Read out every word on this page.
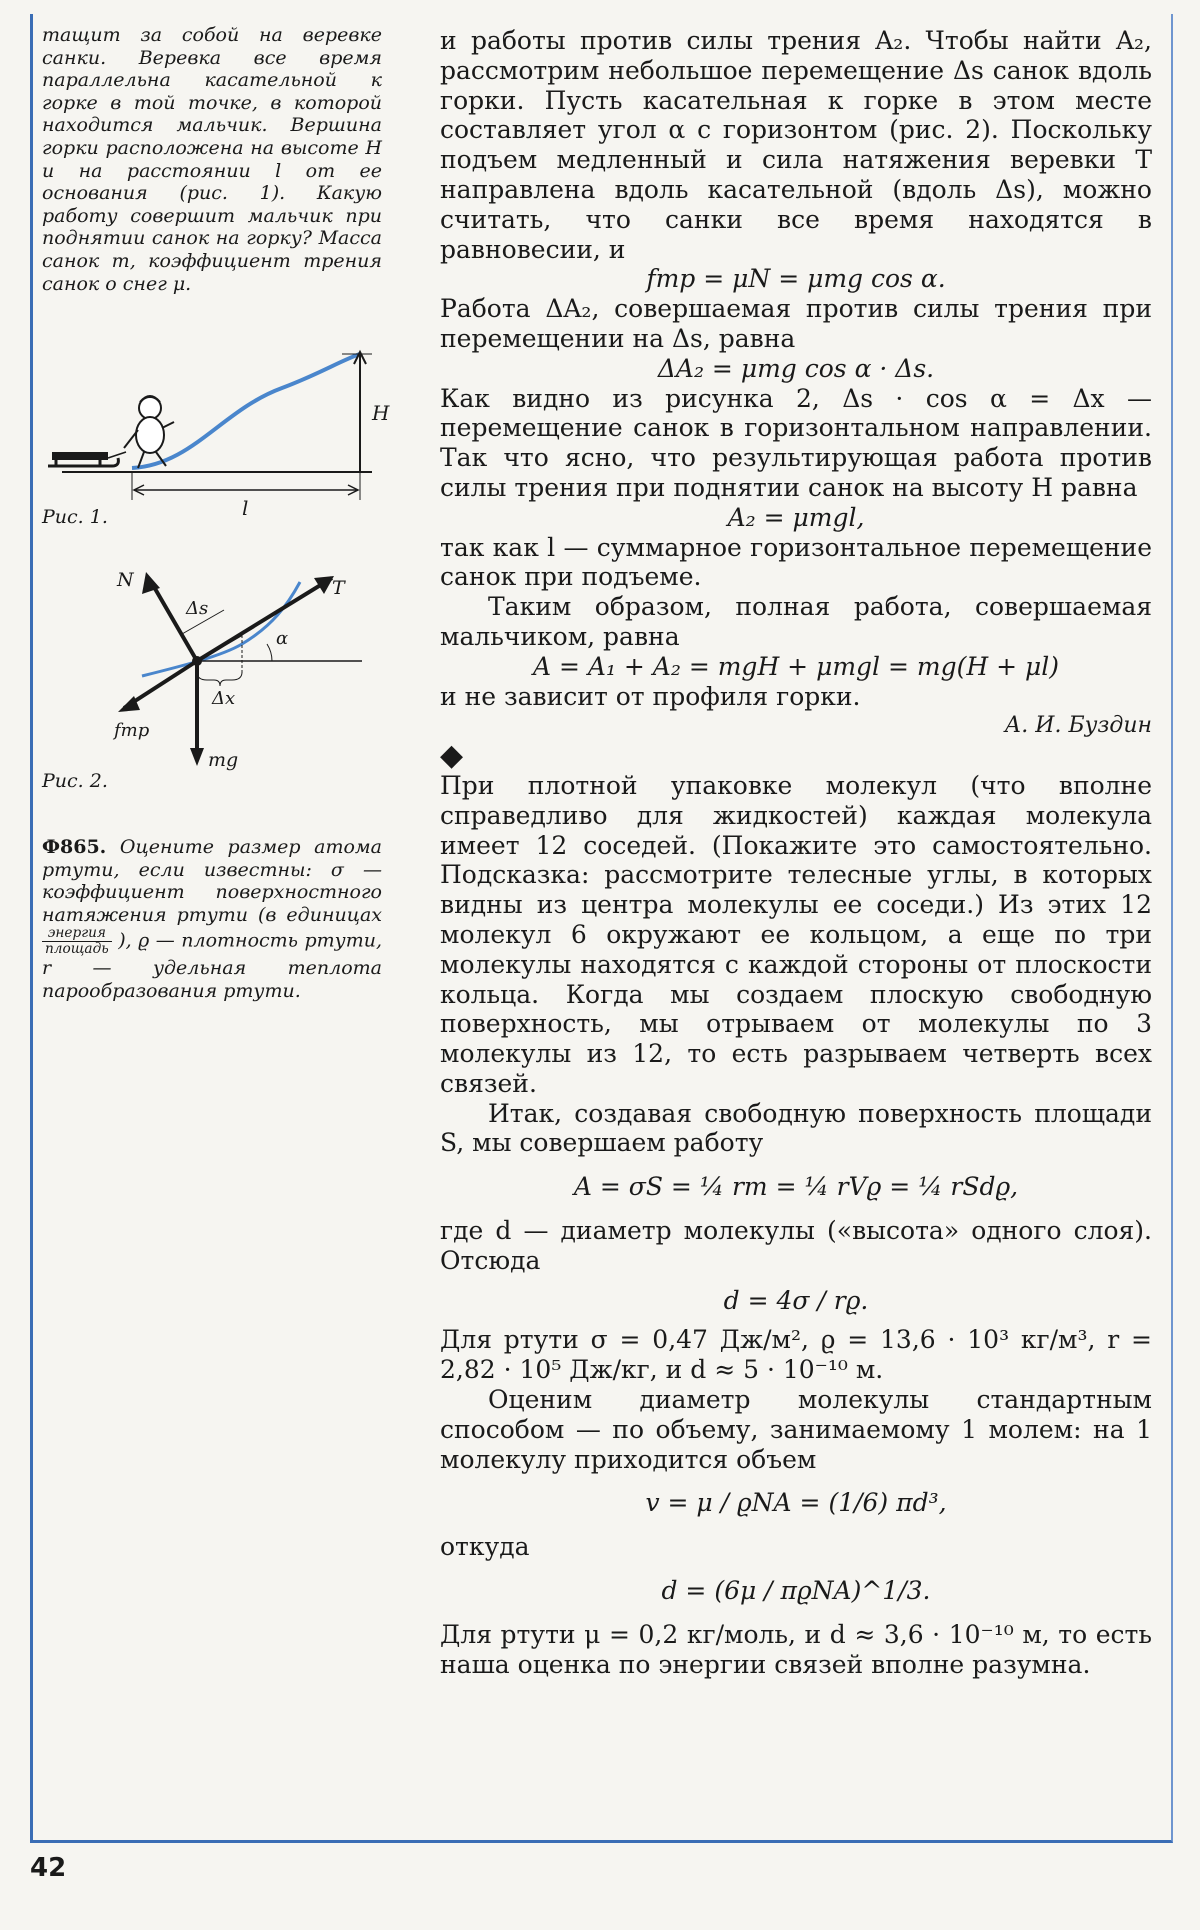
тащит за собой на веревке санки. Веревка все время параллельна касательной к горке в той точке, в которой находится мальчик. Вершина горки расположена на высоте H и на расстоянии l от ее основания (рис. 1). Какую работу совершит мальчик при поднятии санок на горку? Масса санок m, коэффициент трения санок о снег μ.
H
l
Рис. 1.
N	T
Δs
α
Δx
fтр
mg
Рис. 2.
Ф865. Оцените размер атома ртути, если известны: σ — коэффициент поверхностного натяжения ртути (в единицах
$\frac{\text{энергия}}{\text{площадь}}$ ), ϱ — плотность ртути, r — удельная теплота парообразования ртути.

и работы против силы трения A₂. Чтобы найти A₂, рассмотрим небольшое перемещение Δs санок вдоль горки. Пусть касательная к горке в этом месте составляет угол α с горизонтом (рис. 2). Поскольку подъем медленный и сила натяжения веревки T направлена вдоль касательной (вдоль Δs), можно считать, что санки все время находятся в равновесии, и

fтр = μN = μmg cos α.

Работа ΔA₂, совершаемая против силы трения при перемещении на Δs, равна

ΔA₂ = μmg cos α · Δs.

Как видно из рисунка 2, Δs · cos α = Δx — перемещение санок в горизонтальном направлении. Так что ясно, что результирующая работа против силы трения при поднятии санок на высоту H равна

A₂ = μmgl,

так как l — суммарное горизонтальное перемещение санок при подъеме.

Таким образом, полная работа, совершаемая мальчиком, равна

A = A₁ + A₂ = mgH + μmgl = mg(H + μl)

и не зависит от профиля горки.

А. И. Буздин

◆

При плотной упаковке молекул (что вполне справедливо для жидкостей) каждая молекула имеет 12 соседей. (Покажите это самостоятельно. Подсказка: рассмотрите телесные углы, в которых видны из центра молекулы ее соседи.) Из этих 12 молекул 6 окружают ее кольцом, а еще по три молекулы находятся с каждой стороны от плоскости кольца. Когда мы создаем плоскую свободную поверхность, мы отрываем от молекулы по 3 молекулы из 12, то есть разрываем четверть всех связей.

Итак, создавая свободную поверхность площади S, мы совершаем работу

A = σS = ¼ rm = ¼ rVϱ = ¼ rSdϱ,

где d — диаметр молекулы («высота» одного слоя). Отсюда

d = 4σ / rϱ.

Для ртути σ = 0,47 Дж/м², ϱ = 13,6 · 10³ кг/м³, r = 2,82 · 10⁵ Дж/кг, и d ≈ 5 · 10⁻¹⁰ м.

Оценим диаметр молекулы стандартным способом — по объему, занимаемому 1 молем: на 1 молекулу приходится объем

v = μ / ϱNA = (1/6) πd³,

откуда

d = (6μ / πϱNA)^1/3.

Для ртути μ = 0,2 кг/моль, и d ≈ 3,6 · 10⁻¹⁰ м, то есть наша оценка по энергии связей вполне разумна.

42
